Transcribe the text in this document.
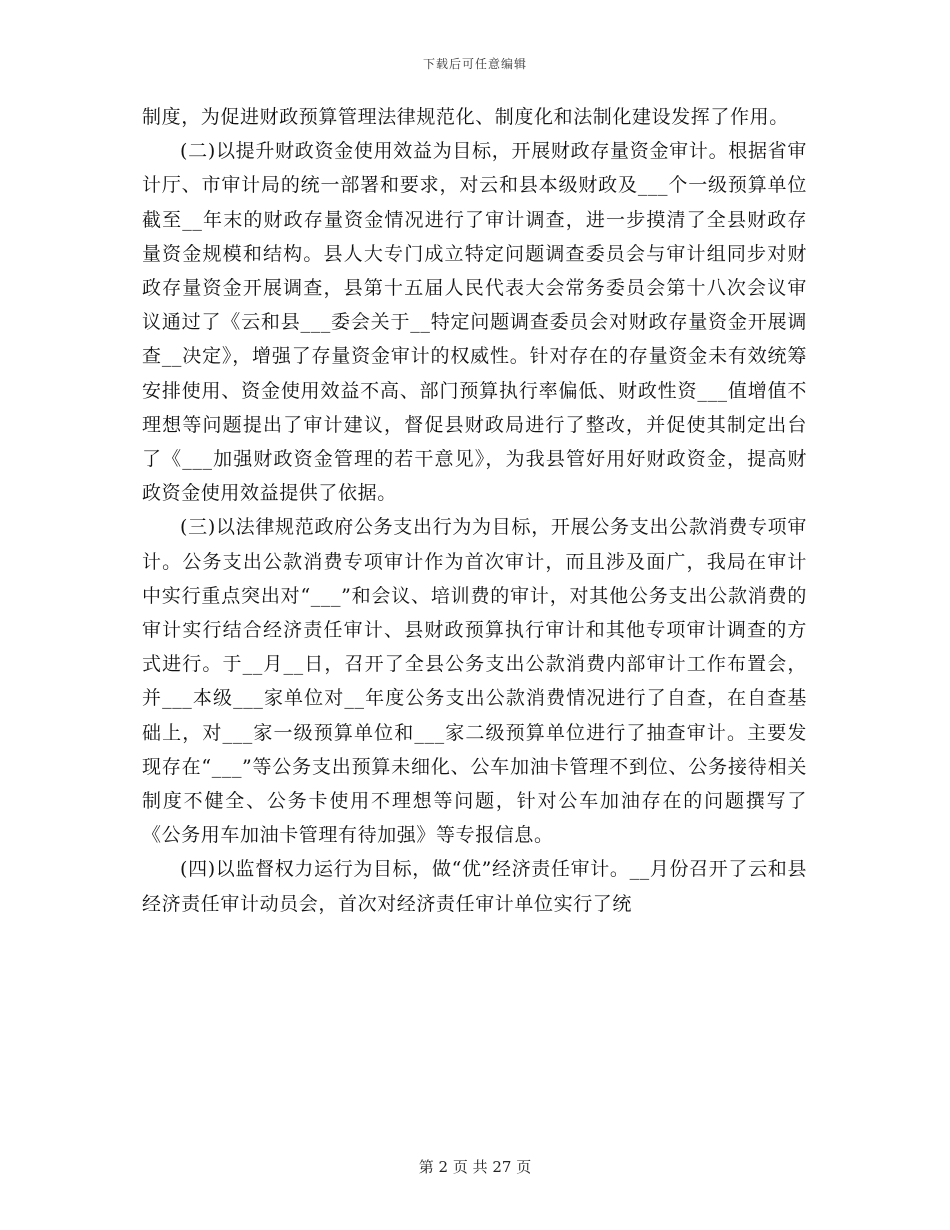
下载后可任意编辑

制度，为促进财政预算管理法律规范化、制度化和法制化建设发挥了作用。

(二)以提升财政资金使用效益为目标，开展财政存量资金审计。根据省审计厅、市审计局的统一部署和要求，对云和县本级财政及___个一级预算单位截至__年末的财政存量资金情况进行了审计调查，进一步摸清了全县财政存量资金规模和结构。县人大专门成立特定问题调查委员会与审计组同步对财政存量资金开展调查，县第十五届人民代表大会常务委员会第十八次会议审议通过了《云和县___委会关于__特定问题调查委员会对财政存量资金开展调查__决定》，增强了存量资金审计的权威性。针对存在的存量资金未有效统筹安排使用、资金使用效益不高、部门预算执行率偏低、财政性资___值增值不理想等问题提出了审计建议，督促县财政局进行了整改，并促使其制定出台了《___加强财政资金管理的若干意见》，为我县管好用好财政资金，提高财政资金使用效益提供了依据。

(三)以法律规范政府公务支出行为为目标，开展公务支出公款消费专项审计。公务支出公款消费专项审计作为首次审计，而且涉及面广，我局在审计中实行重点突出对“___”和会议、培训费的审计，对其他公务支出公款消费的审计实行结合经济责任审计、县财政预算执行审计和其他专项审计调查的方式进行。于__月__日，召开了全县公务支出公款消费内部审计工作布置会，并___本级___家单位对__年度公务支出公款消费情况进行了自查，在自查基础上，对___家一级预算单位和___家二级预算单位进行了抽查审计。主要发现存在“___”等公务支出预算未细化、公车加油卡管理不到位、公务接待相关制度不健全、公务卡使用不理想等问题，针对公车加油存在的问题撰写了《公务用车加油卡管理有待加强》等专报信息。

(四)以监督权力运行为目标，做“优”经济责任审计。__月份召开了云和县经济责任审计动员会，首次对经济责任审计单位实行了统

第 2 页 共 27 页
